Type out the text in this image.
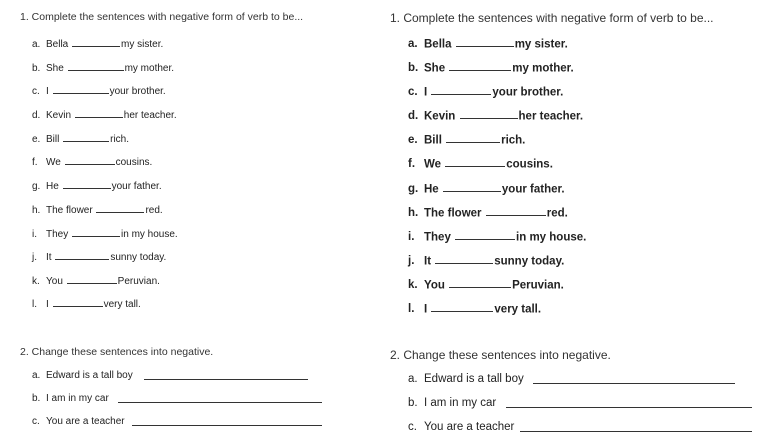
1. Complete the sentences with negative form of verb to be...
a. Bella	my sister.
b. She	my mother.
c. I	your brother.
d. Kevin	her teacher.
e. Bill	rich.
f. We	cousins.
g. He	your father.
h. The flower	red.
i. They	in my house.
j. It	sunny today.
k. You	Peruvian.
l. I	very tall.
2. Change these sentences into negative.
a. Edward is a tall boy
b. I am in my car
c. You are a teacher
1. Complete the sentences with negative form of verb to be...
a. Bella	my sister.
b. She	my mother.
c. I	your brother.
d. Kevin	her teacher.
e. Bill	rich.
f. We	cousins.
g. He	your father.
h. The flower	red.
i. They	in my house.
j. It	sunny today.
k. You	Peruvian.
l. I	very tall.
2. Change these sentences into negative.
a. Edward is a tall boy
b. I am in my car
c. You are a teacher
